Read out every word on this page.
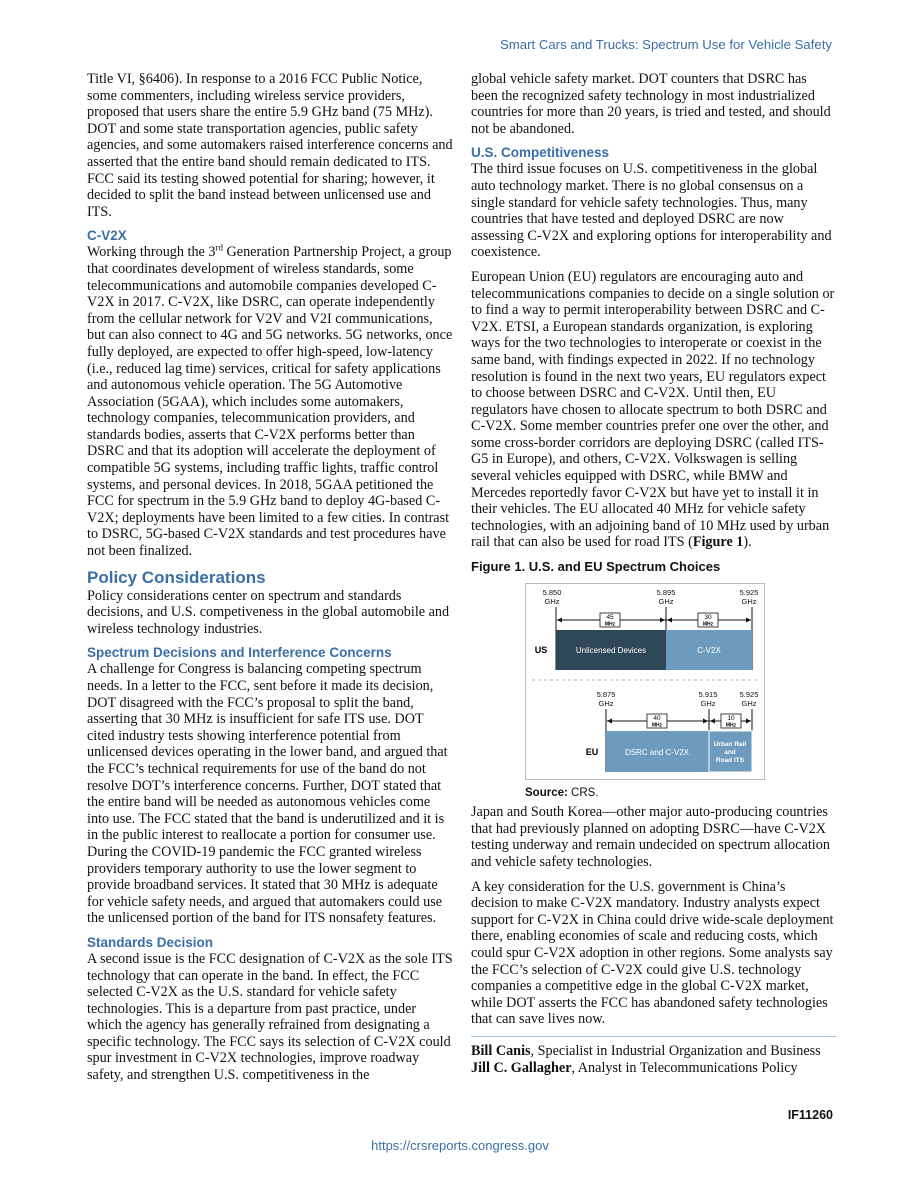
Smart Cars and Trucks: Spectrum Use for Vehicle Safety

Title VI, §6406). In response to a 2016 FCC Public Notice, some commenters, including wireless service providers, proposed that users share the entire 5.9 GHz band (75 MHz). DOT and some state transportation agencies, public safety agencies, and some automakers raised interference concerns and asserted that the entire band should remain dedicated to ITS. FCC said its testing showed potential for sharing; however, it decided to split the band instead between unlicensed use and ITS.

C-V2X

Working through the 3rd Generation Partnership Project, a group that coordinates development of wireless standards, some telecommunications and automobile companies developed C-V2X in 2017. C-V2X, like DSRC, can operate independently from the cellular network for V2V and V2I communications, but can also connect to 4G and 5G networks. 5G networks, once fully deployed, are expected to offer high-speed, low-latency (i.e., reduced lag time) services, critical for safety applications and autonomous vehicle operation. The 5G Automotive Association (5GAA), which includes some automakers, technology companies, telecommunication providers, and standards bodies, asserts that C-V2X performs better than DSRC and that its adoption will accelerate the deployment of compatible 5G systems, including traffic lights, traffic control systems, and personal devices. In 2018, 5GAA petitioned the FCC for spectrum in the 5.9 GHz band to deploy 4G-based C-V2X; deployments have been limited to a few cities. In contrast to DSRC, 5G-based C-V2X standards and test procedures have not been finalized.

Policy Considerations

Policy considerations center on spectrum and standards decisions, and U.S. competiveness in the global automobile and wireless technology industries.

Spectrum Decisions and Interference Concerns

A challenge for Congress is balancing competing spectrum needs. In a letter to the FCC, sent before it made its decision, DOT disagreed with the FCC’s proposal to split the band, asserting that 30 MHz is insufficient for safe ITS use. DOT cited industry tests showing interference potential from unlicensed devices operating in the lower band, and argued that the FCC’s technical requirements for use of the band do not resolve DOT’s interference concerns. Further, DOT stated that the entire band will be needed as autonomous vehicles come into use. The FCC stated that the band is underutilized and it is in the public interest to reallocate a portion for consumer use. During the COVID-19 pandemic the FCC granted wireless providers temporary authority to use the lower segment to provide broadband services. It stated that 30 MHz is adequate for vehicle safety needs, and argued that automakers could use the unlicensed portion of the band for ITS nonsafety features.

Standards Decision

A second issue is the FCC designation of C-V2X as the sole ITS technology that can operate in the band. In effect, the FCC selected C-V2X as the U.S. standard for vehicle safety technologies. This is a departure from past practice, under which the agency has generally refrained from designating a specific technology. The FCC says its selection of C-V2X could spur investment in C-V2X technologies, improve roadway safety, and strengthen U.S. competitiveness in the

global vehicle safety market. DOT counters that DSRC has been the recognized safety technology in most industrialized countries for more than 20 years, is tried and tested, and should not be abandoned.

U.S. Competitiveness

The third issue focuses on U.S. competitiveness in the global auto technology market. There is no global consensus on a single standard for vehicle safety technologies. Thus, many countries that have tested and deployed DSRC are now assessing C-V2X and exploring options for interoperability and coexistence.

European Union (EU) regulators are encouraging auto and telecommunications companies to decide on a single solution or to find a way to permit interoperability between DSRC and C-V2X. ETSI, a European standards organization, is exploring ways for the two technologies to interoperate or coexist in the same band, with findings expected in 2022. If no technology resolution is found in the next two years, EU regulators expect to choose between DSRC and C-V2X. Until then, EU regulators have chosen to allocate spectrum to both DSRC and C-V2X. Some member countries prefer one over the other, and some cross-border corridors are deploying DSRC (called ITS-G5 in Europe), and others, C-V2X. Volkswagen is selling several vehicles equipped with DSRC, while BMW and Mercedes reportedly favor C-V2X but have yet to install it in their vehicles. The EU allocated 40 MHz for vehicle safety technologies, with an adjoining band of 10 MHz used by urban rail that can also be used for road ITS (Figure 1).

Figure 1. U.S. and EU Spectrum Choices
5.850
GHz
5.895
GHz
5.925
GHz
45
MHz
30
MHz
Unlicensed Devices	C-V2X
US
5.875
GHz
5.915
GHz
5.925
GHz
40
MHz
10
MHz
DSRC and C-V2X
Urban Rail
and
Road ITS
EU
Source: CRS.

Japan and South Korea—other major auto-producing countries that had previously planned on adopting DSRC—have C-V2X testing underway and remain undecided on spectrum allocation and vehicle safety technologies.

A key consideration for the U.S. government is China’s decision to make C-V2X mandatory. Industry analysts expect support for C-V2X in China could drive wide-scale deployment there, enabling economies of scale and reducing costs, which could spur C-V2X adoption in other regions. Some analysts say the FCC’s selection of C-V2X could give U.S. technology companies a competitive edge in the global C-V2X market, while DOT asserts the FCC has abandoned safety technologies that can save lives now.

Bill Canis, Specialist in Industrial Organization and Business

Jill C. Gallagher, Analyst in Telecommunications Policy

IF11260
https://crsreports.congress.gov
